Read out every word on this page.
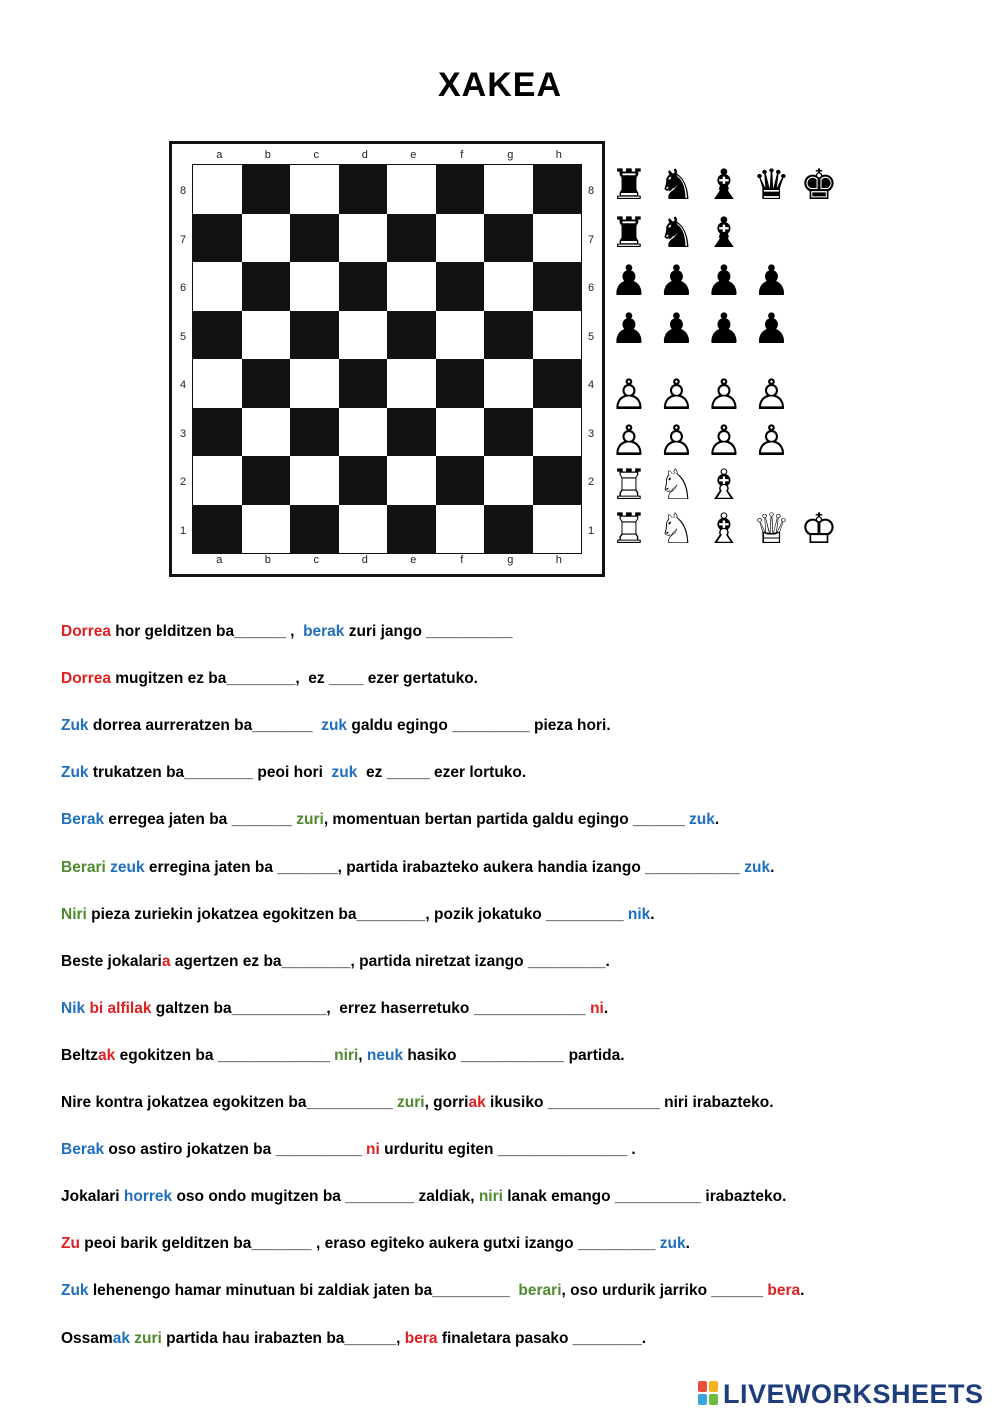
XAKEA
a
a
b
b
c
c
d
d
e
e
f
f
g
g
h
h
8	8
7	7
6	6
5	5
4	4
3	3
2	2
1	1
♜ ♞ ♝ ♛ ♚
♜ ♞ ♝
♟ ♟ ♟ ♟
♟ ♟ ♟ ♟
♙ ♙ ♙ ♙
♙ ♙ ♙ ♙
♖ ♘ ♗
♖ ♘ ♗ ♕ ♔
Dorrea hor gelditzen ba______ ,  berak zuri jango __________
Dorrea mugitzen ez ba________,  ez ____ ezer gertatuko.
Zuk dorrea aurreratzen ba_______  zuk galdu egingo _________ pieza hori.
Zuk trukatzen ba________ peoi hori  zuk  ez _____ ezer lortuko.
Berak erregea jaten ba _______ zuri, momentuan bertan partida galdu egingo ______ zuk.
Berari zeuk erregina jaten ba _______, partida irabazteko aukera handia izango ___________ zuk.
Niri pieza zuriekin jokatzea egokitzen ba________, pozik jokatuko _________ nik.
Beste jokalaria agertzen ez ba________, partida niretzat izango _________.
Nik bi alfilak galtzen ba___________,  errez haserretuko _____________ ni.
Beltzak egokitzen ba _____________ niri, neuk hasiko ____________ partida.
Nire kontra jokatzea egokitzen ba__________ zuri, gorriak ikusiko _____________ niri irabazteko.
Berak oso astiro jokatzen ba __________ ni urduritu egiten _______________ .
Jokalari horrek oso ondo mugitzen ba ________ zaldiak, niri lanak emango __________ irabazteko.
Zu peoi barik gelditzen ba_______ , eraso egiteko aukera gutxi izango _________ zuk.
Zuk lehenengo hamar minutuan bi zaldiak jaten ba_________  berari, oso urdurik jarriko ______ bera.
Ossamak zuri partida hau irabazten ba______, bera finaletara pasako ________.
LIVEWORKSHEETS
